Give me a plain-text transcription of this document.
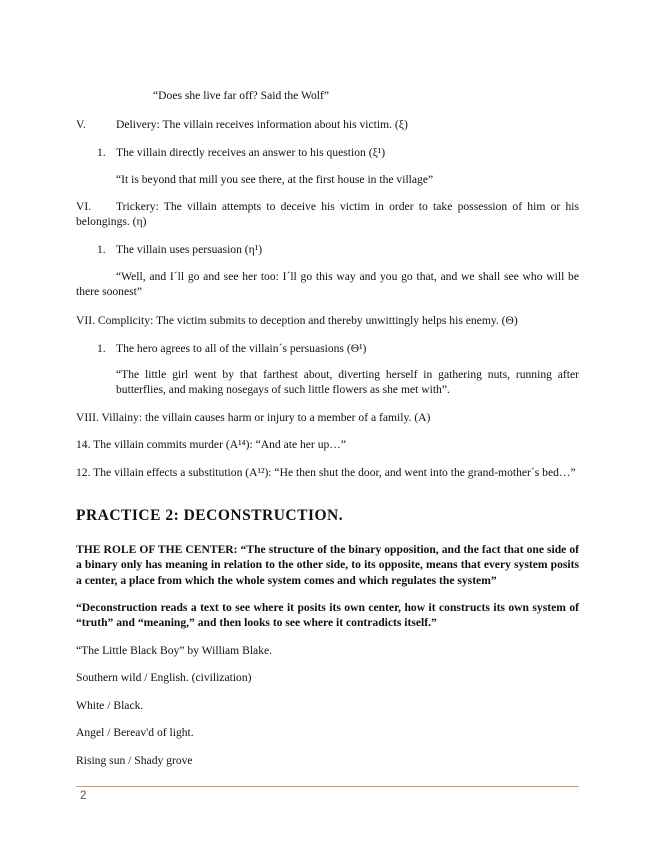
“Does she live far off? Said the Wolf”

V.	Delivery: The villain receives information about his victim. (ξ)

1. The villain directly receives an answer to his question (ξ¹)

“It is beyond that mill you see there, at the first house in the village”

VI. Trickery: The villain attempts to deceive his victim in order to take possession of him or his belongings. (η)

1. The villain uses persuasion (η¹)

“Well, and I´ll go and see her too: I´ll go this way and you go that, and we shall see who will be there soonest”

VII. Complicity: The victim submits to deception and thereby unwittingly helps his enemy. (Θ)

1. The hero agrees to all of the villain´s persuasions (Θ¹)

“The little girl went by that farthest about, diverting herself in gathering nuts, running after butterflies, and making nosegays of such little flowers as she met with”.

VIII. Villainy: the villain causes harm or injury to a member of a family. (A)

14. The villain commits murder (A¹⁴): “And ate her up…”

12. The villain effects a substitution (A¹²): “He then shut the door, and went into the grand-mother´s bed…”

PRACTICE 2: DECONSTRUCTION.

THE ROLE OF THE CENTER: “The structure of the binary opposition, and the fact that one side of a binary only has meaning in relation to the other side, to its opposite, means that every system posits a center, a place from which the whole system comes and which regulates the system”

“Deconstruction reads a text to see where it posits its own center, how it constructs its own system of “truth” and “meaning,” and then looks to see where it contradicts itself.”

“The Little Black Boy” by William Blake.

Southern wild / English. (civilization)

White / Black.

Angel / Bereav'd of light.

Rising sun / Shady grove

2
